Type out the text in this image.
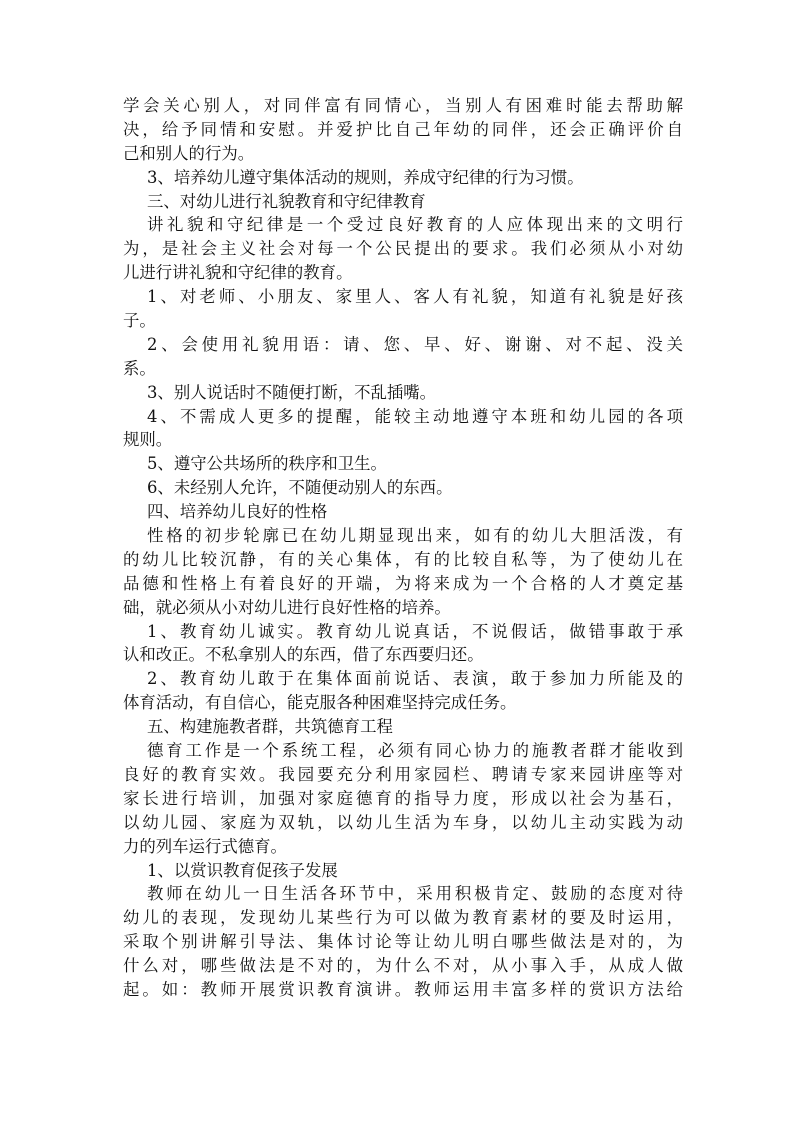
学会关心别人，对同伴富有同情心，当别人有困难时能去帮助解
决，给予同情和安慰。并爱护比自己年幼的同伴，还会正确评价自
己和别人的行为。
3、培养幼儿遵守集体活动的规则，养成守纪律的行为习惯。
三、对幼儿进行礼貌教育和守纪律教育
讲礼貌和守纪律是一个受过良好教育的人应体现出来的文明行
为，是社会主义社会对每一个公民提出的要求。我们必须从小对幼
儿进行讲礼貌和守纪律的教育。
1、对老师、小朋友、家里人、客人有礼貌，知道有礼貌是好孩
子。
2、会使用礼貌用语：请、您、早、好、谢谢、对不起、没关
系。
3、别人说话时不随便打断，不乱插嘴。
4、不需成人更多的提醒，能较主动地遵守本班和幼儿园的各项
规则。
5、遵守公共场所的秩序和卫生。
6、未经别人允许，不随便动别人的东西。
四、培养幼儿良好的性格
性格的初步轮廓已在幼儿期显现出来，如有的幼儿大胆活泼，有
的幼儿比较沉静，有的关心集体，有的比较自私等，为了使幼儿在
品德和性格上有着良好的开端，为将来成为一个合格的人才奠定基
础，就必须从小对幼儿进行良好性格的培养。
1、教育幼儿诚实。教育幼儿说真话，不说假话，做错事敢于承
认和改正。不私拿别人的东西，借了东西要归还。
2、教育幼儿敢于在集体面前说话、表演，敢于参加力所能及的
体育活动，有自信心，能克服各种困难坚持完成任务。
五、构建施教者群，共筑德育工程
德育工作是一个系统工程，必须有同心协力的施教者群才能收到
良好的教育实效。我园要充分利用家园栏、聘请专家来园讲座等对
家长进行培训，加强对家庭德育的指导力度，形成以社会为基石，
以幼儿园、家庭为双轨，以幼儿生活为车身，以幼儿主动实践为动
力的列车运行式德育。
1、以赏识教育促孩子发展
教师在幼儿一日生活各环节中，采用积极肯定、鼓励的态度对待
幼儿的表现，发现幼儿某些行为可以做为教育素材的要及时运用，
采取个别讲解引导法、集体讨论等让幼儿明白哪些做法是对的，为
什么对，哪些做法是不对的，为什么不对，从小事入手，从成人做
起。如：教师开展赏识教育演讲。教师运用丰富多样的赏识方法给
